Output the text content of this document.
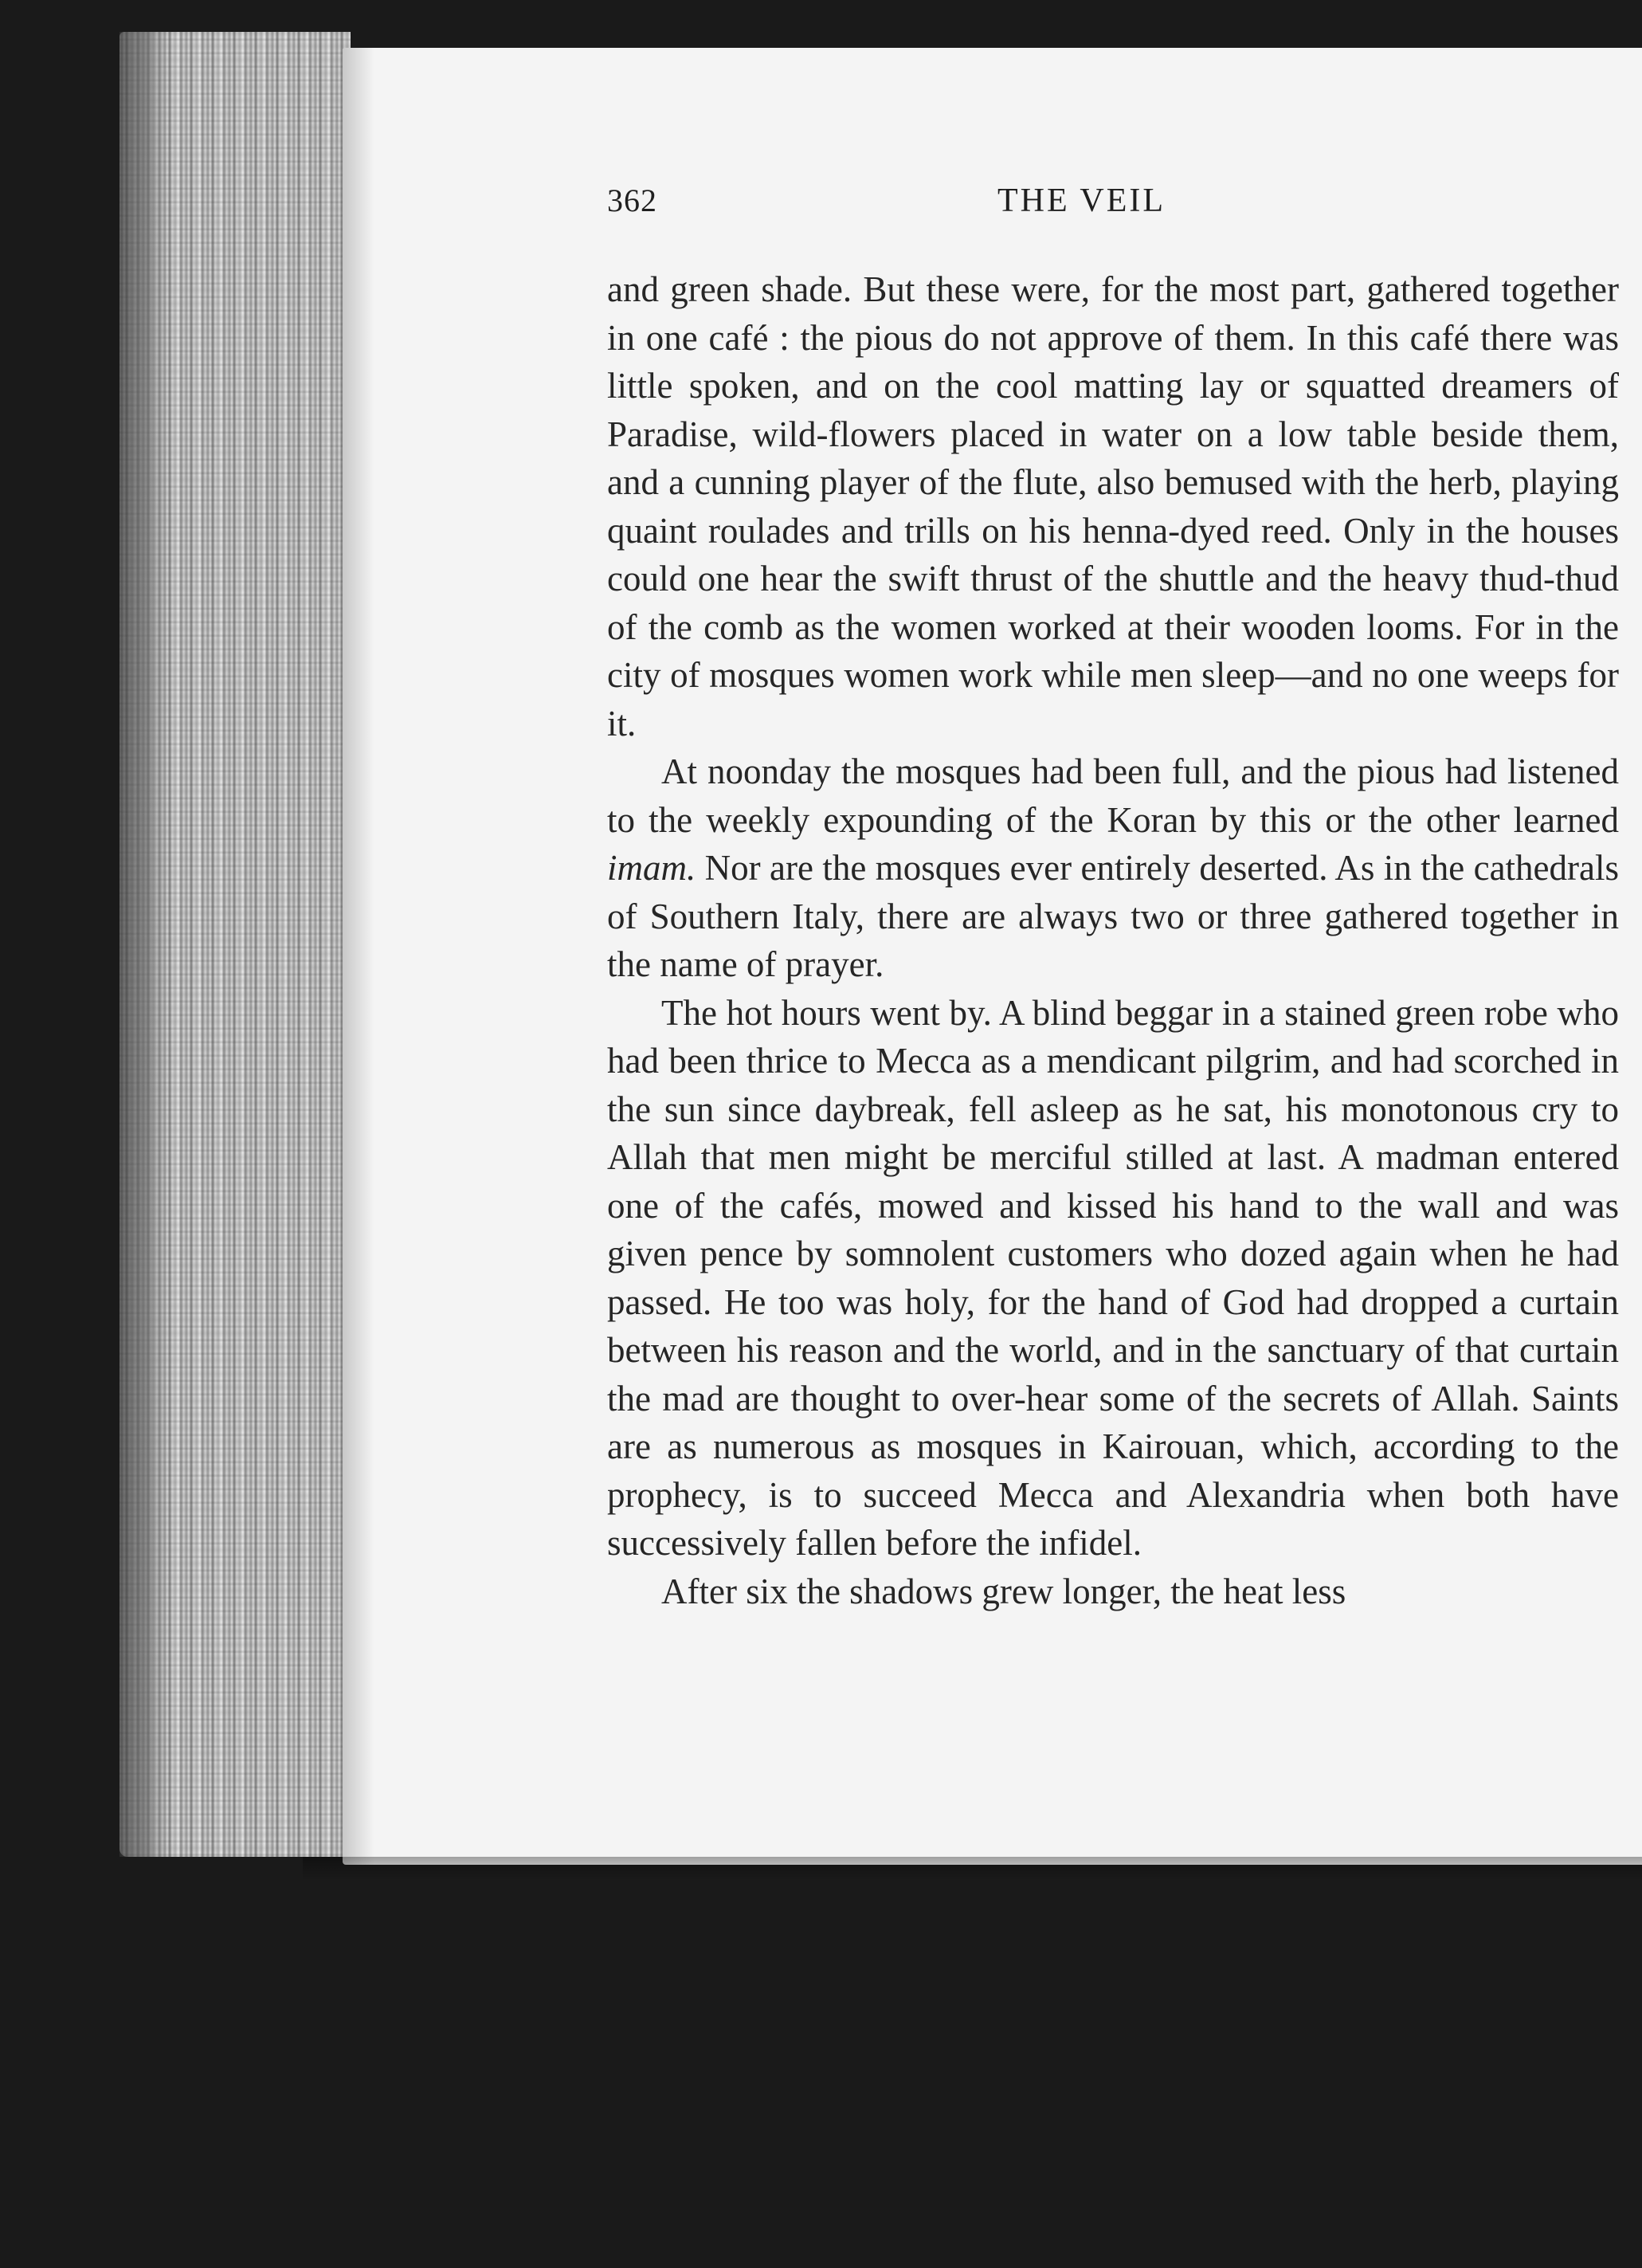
362	THE VEIL

and green shade. But these were, for the most part, gathered together in one café : the pious do not approve of them. In this café there was little spoken, and on the cool matting lay or squatted dreamers of Paradise, wild-flowers placed in water on a low table beside them, and a cunning player of the flute, also bemused with the herb, playing quaint roulades and trills on his henna-dyed reed. Only in the houses could one hear the swift thrust of the shuttle and the heavy thud-thud of the comb as the women worked at their wooden looms. For in the city of mosques women work while men sleep—and no one weeps for it.

At noonday the mosques had been full, and the pious had listened to the weekly expounding of the Koran by this or the other learned imam. Nor are the mosques ever entirely deserted. As in the cathedrals of Southern Italy, there are always two or three gathered together in the name of prayer.

The hot hours went by. A blind beggar in a stained green robe who had been thrice to Mecca as a mendicant pilgrim, and had scorched in the sun since daybreak, fell asleep as he sat, his monotonous cry to Allah that men might be merciful stilled at last. A madman entered one of the cafés, mowed and kissed his hand to the wall and was given pence by somnolent customers who dozed again when he had passed. He too was holy, for the hand of God had dropped a curtain between his reason and the world, and in the sanctuary of that curtain the mad are thought to over-hear some of the secrets of Allah. Saints are as numerous as mosques in Kairouan, which, according to the prophecy, is to succeed Mecca and Alexandria when both have successively fallen before the infidel.

After six the shadows grew longer, the heat less
